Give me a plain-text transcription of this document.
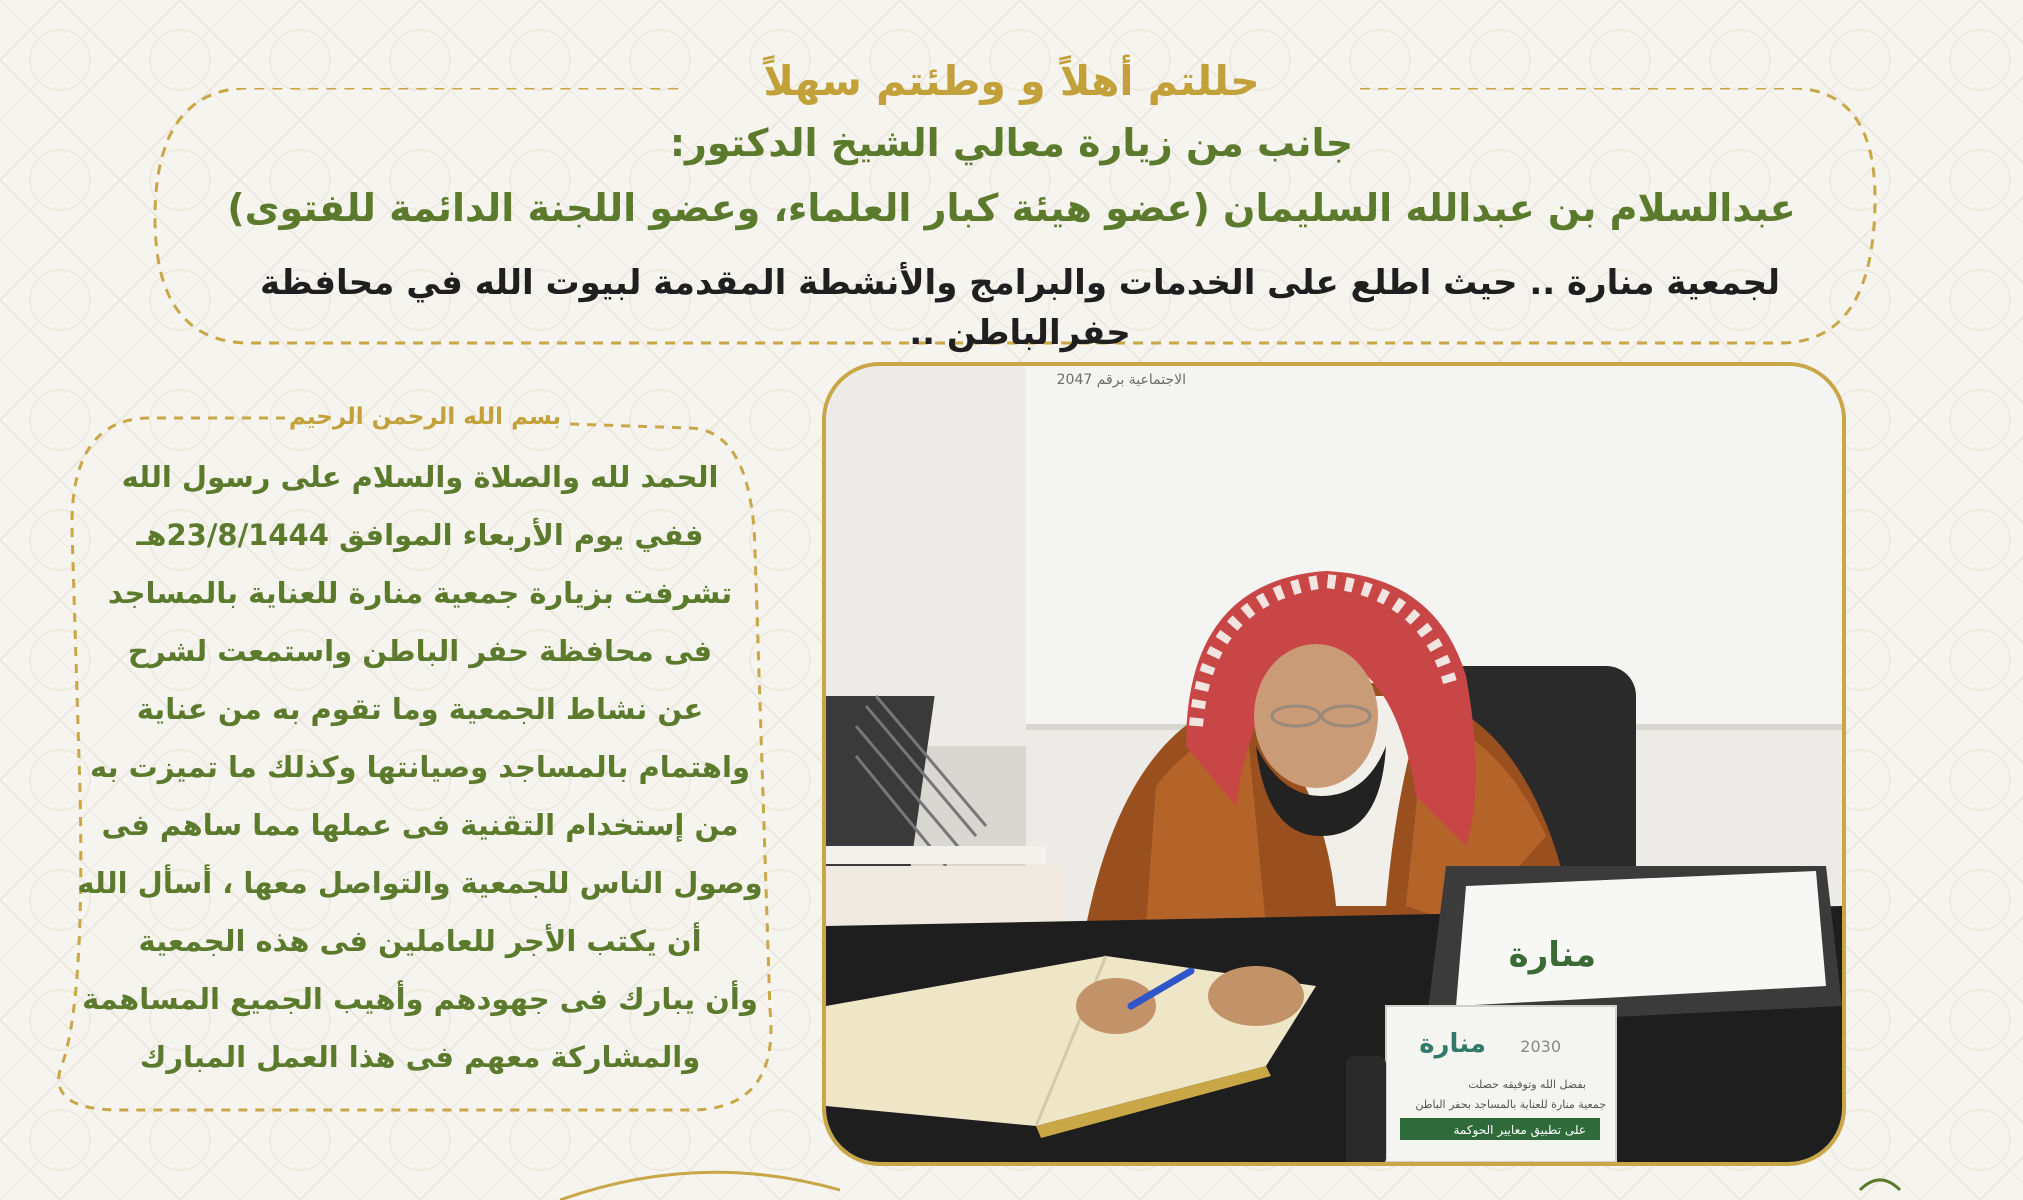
حللتم أهلاً و وطئتم سهلاً
جانب من زيارة معالي الشيخ الدكتور:
عبدالسلام بن عبدالله السليمان (عضو هيئة كبار العلماء، وعضو اللجنة الدائمة للفتوى)
لجمعية منارة .. حيث اطلع على الخدمات والبرامج والأنشطة المقدمة لبيوت الله في محافظة حفرالباطن ..
بسم الله الرحمن الرحيم
الحمد لله والصلاة والسلام على رسول الله
ففي يوم الأربعاء الموافق 23/8/1444هـ
تشرفت بزيارة جمعية منارة للعناية بالمساجد
فى محافظة حفر الباطن واستمعت لشرح
عن نشاط الجمعية وما تقوم به من عناية
واهتمام بالمساجد وصيانتها وكذلك ما تميزت به
من إستخدام التقنية فى عملها مما ساهم فى
وصول الناس للجمعية والتواصل معها ، أسأل الله
أن يكتب الأجر للعاملين فى هذه الجمعية
وأن يبارك فى جهودهم وأهيب الجميع المساهمة
والمشاركة معهم فى هذا العمل المبارك
الاجتماعية برقم 2047
منارة
منارة 2030
بفضل الله وتوفيقه حصلت
جمعية منارة للعناية بالمساجد بحفر الباطن
على تطبيق معايير الحوكمة
